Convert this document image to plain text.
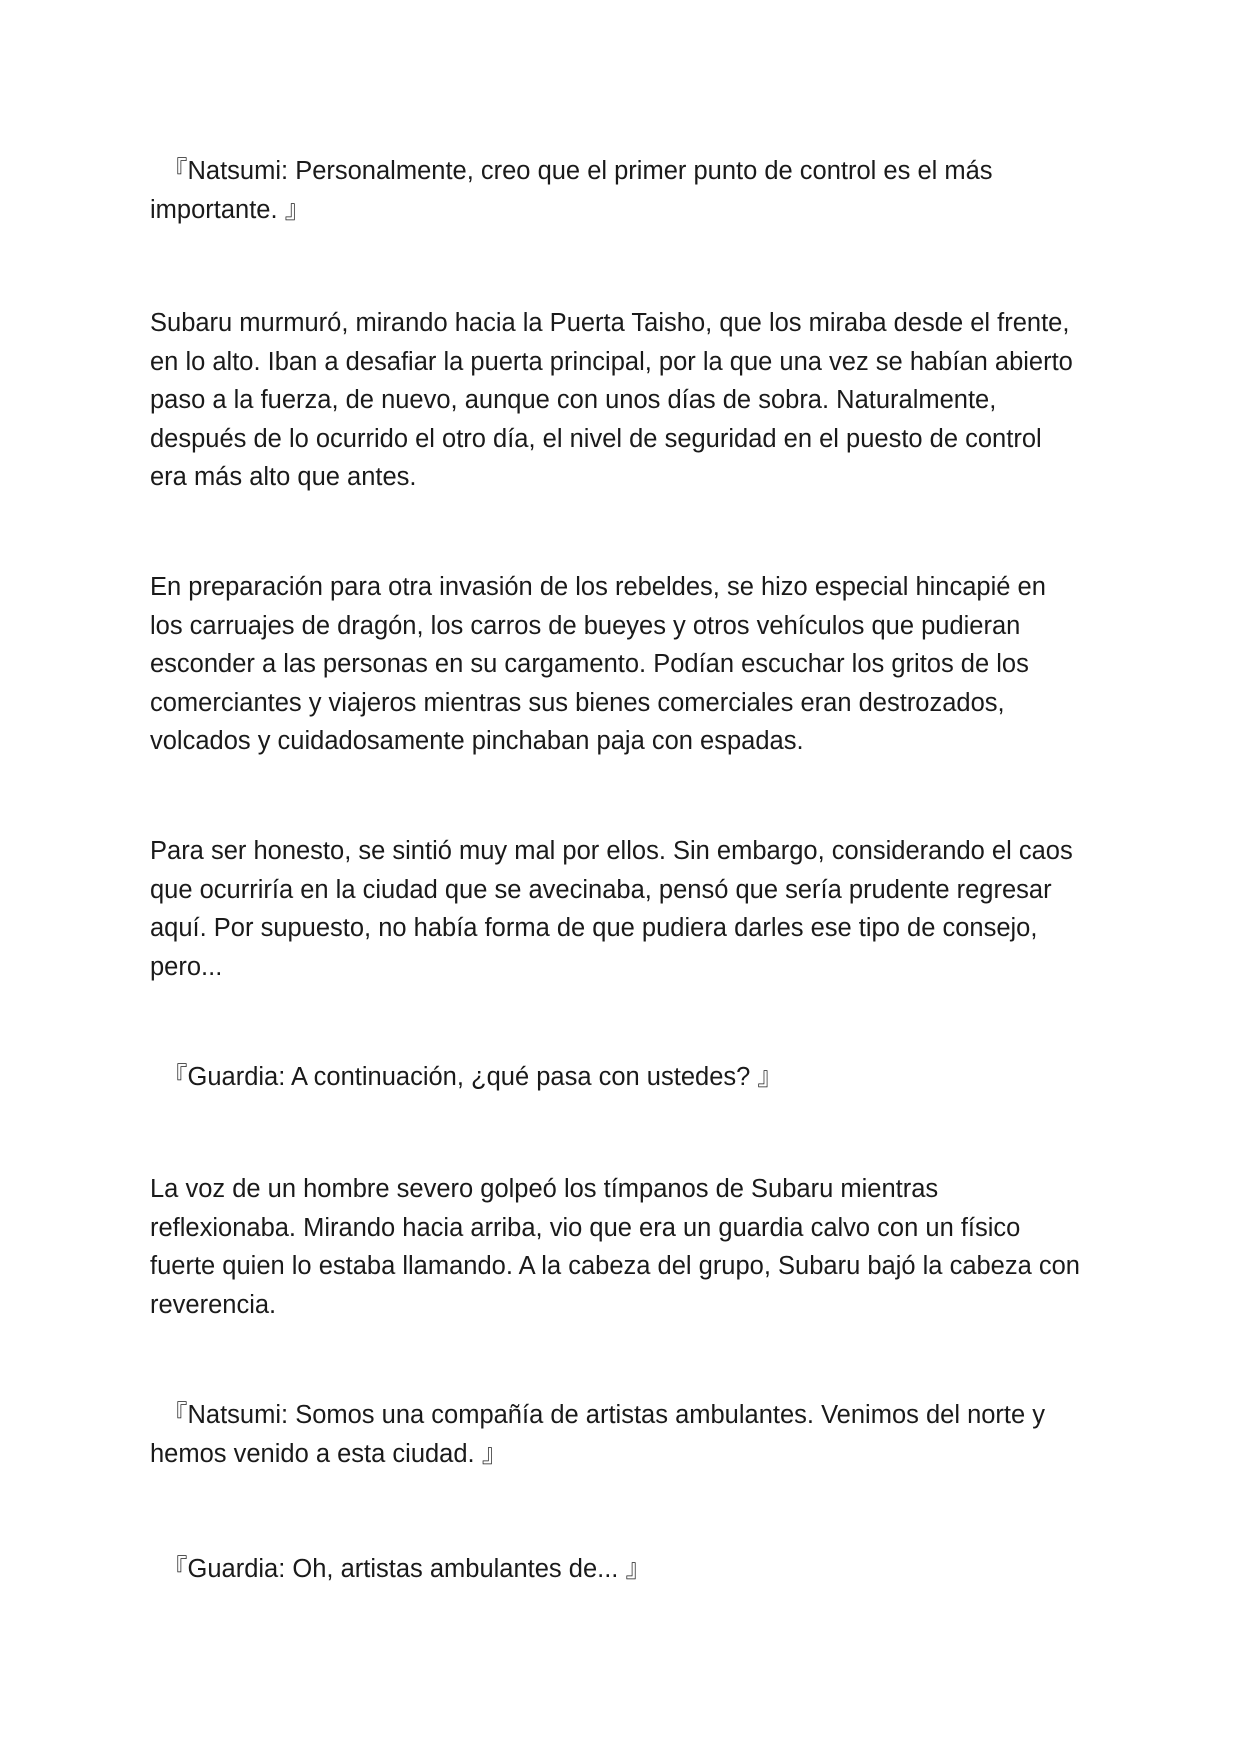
『Natsumi: Personalmente, creo que el primer punto de control es el más importante. 』

Subaru murmuró, mirando hacia la Puerta Taisho, que los miraba desde el frente, en lo alto. Iban a desafiar la puerta principal, por la que una vez se habían abierto paso a la fuerza, de nuevo, aunque con unos días de sobra. Naturalmente, después de lo ocurrido el otro día, el nivel de seguridad en el puesto de control era más alto que antes.

En preparación para otra invasión de los rebeldes, se hizo especial hincapié en los carruajes de dragón, los carros de bueyes y otros vehículos que pudieran esconder a las personas en su cargamento. Podían escuchar los gritos de los comerciantes y viajeros mientras sus bienes comerciales eran destrozados, volcados y cuidadosamente pinchaban paja con espadas.

Para ser honesto, se sintió muy mal por ellos. Sin embargo, considerando el caos que ocurriría en la ciudad que se avecinaba, pensó que sería prudente regresar aquí. Por supuesto, no había forma de que pudiera darles ese tipo de consejo, pero...

『Guardia: A continuación, ¿qué pasa con ustedes? 』

La voz de un hombre severo golpeó los tímpanos de Subaru mientras reflexionaba. Mirando hacia arriba, vio que era un guardia calvo con un físico fuerte quien lo estaba llamando. A la cabeza del grupo, Subaru bajó la cabeza con reverencia.

『Natsumi: Somos una compañía de artistas ambulantes. Venimos del norte y hemos venido a esta ciudad. 』

『Guardia: Oh, artistas ambulantes de... 』
